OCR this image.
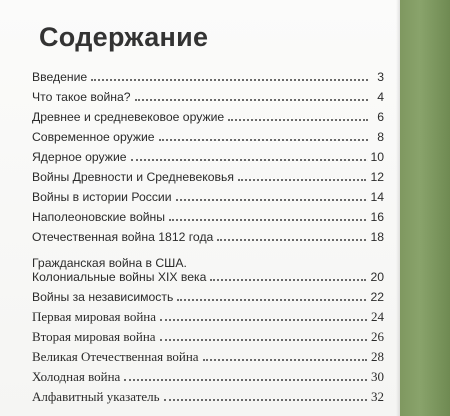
Содержание
Введение	3
Что такое война?	4
Древнее и средневековое оружие	6
Современное оружие	8
Ядерное оружие	10
Войны Древности и Средневековья	12
Войны в истории России	14
Наполеоновские войны	16
Отечественная война 1812 года	18
Гражданская война в США.
Колониальные войны XIX века	20
Войны за независимость	22
Первая мировая война	24
Вторая мировая война	26
Великая Отечественная война	28
Холодная война	30
Алфавитный указатель	32
